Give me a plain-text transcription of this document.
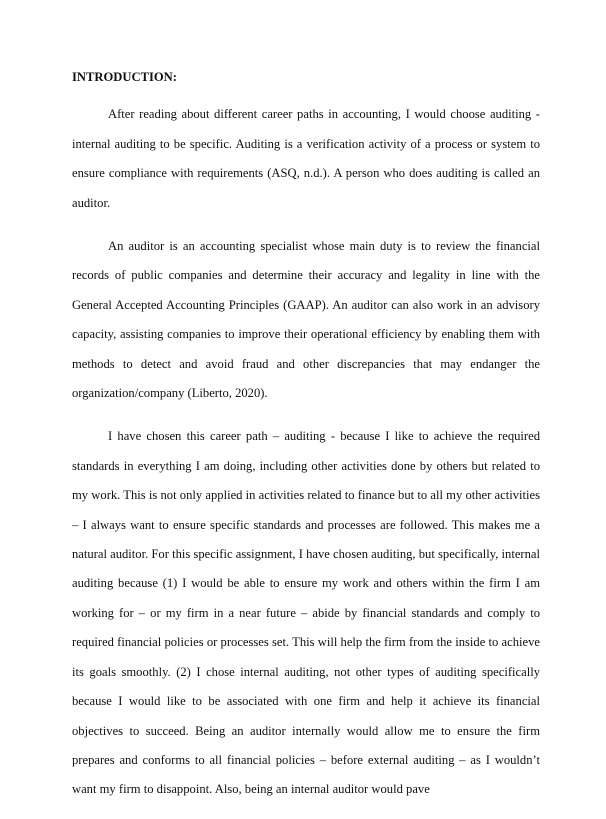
INTRODUCTION:

After reading about different career paths in accounting, I would choose auditing - internal auditing to be specific. Auditing is a verification activity of a process or system to ensure compliance with requirements (ASQ, n.d.). A person who does auditing is called an auditor.

An auditor is an accounting specialist whose main duty is to review the financial records of public companies and determine their accuracy and legality in line with the General Accepted Accounting Principles (GAAP). An auditor can also work in an advisory capacity, assisting companies to improve their operational efficiency by enabling them with methods to detect and avoid fraud and other discrepancies that may endanger the organization/company (Liberto, 2020).

I have chosen this career path – auditing - because I like to achieve the required standards in everything I am doing, including other activities done by others but related to my work. This is not only applied in activities related to finance but to all my other activities – I always want to ensure specific standards and processes are followed. This makes me a natural auditor. For this specific assignment, I have chosen auditing, but specifically, internal auditing because (1) I would be able to ensure my work and others within the firm I am working for – or my firm in a near future – abide by financial standards and comply to required financial policies or processes set. This will help the firm from the inside to achieve its goals smoothly. (2) I chose internal auditing, not other types of auditing specifically because I would like to be associated with one firm and help it achieve its financial objectives to succeed. Being an auditor internally would allow me to ensure the firm prepares and conforms to all financial policies – before external auditing – as I wouldn’t want my firm to disappoint. Also, being an internal auditor would pave
